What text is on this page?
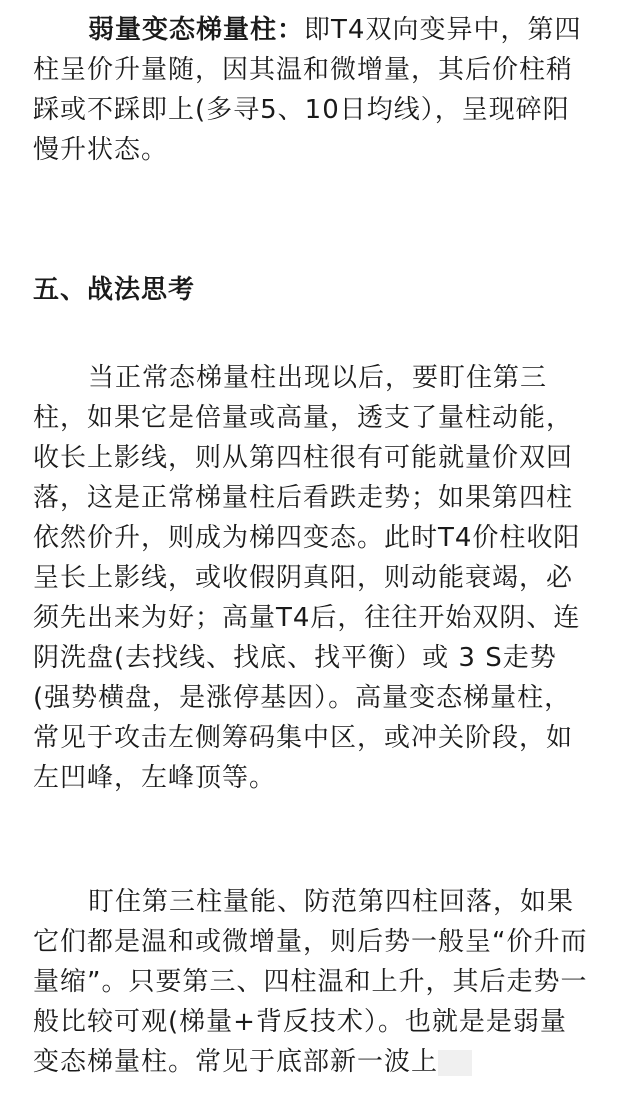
弱量变态梯量柱：即T4双向变异中，第四
柱呈价升量随，因其温和微增量，其后价柱稍
踩或不踩即上(多寻5、10日均线），呈现碎阳
慢升状态。
五、战法思考
当正常态梯量柱出现以后，要盯住第三
柱，如果它是倍量或高量，透支了量柱动能，
收长上影线，则从第四柱很有可能就量价双回
落，这是正常梯量柱后看跌走势；如果第四柱
依然价升，则成为梯四变态。此时T4价柱收阳
呈长上影线，或收假阴真阳，则动能衰竭，必
须先出来为好；高量T4后，往往开始双阴、连
阴洗盘(去找线、找底、找平衡）或 3 S走势
(强势横盘，是涨停基因）。高量变态梯量柱，
常见于攻击左侧筹码集中区，或冲关阶段，如
左凹峰，左峰顶等。
盯住第三柱量能、防范第四柱回落，如果
它们都是温和或微增量，则后势一般呈“价升而
量缩”。只要第三、四柱温和上升，其后走势一
般比较可观(梯量+背反技术）。也就是是弱量
变态梯量柱。常见于底部新一波上
